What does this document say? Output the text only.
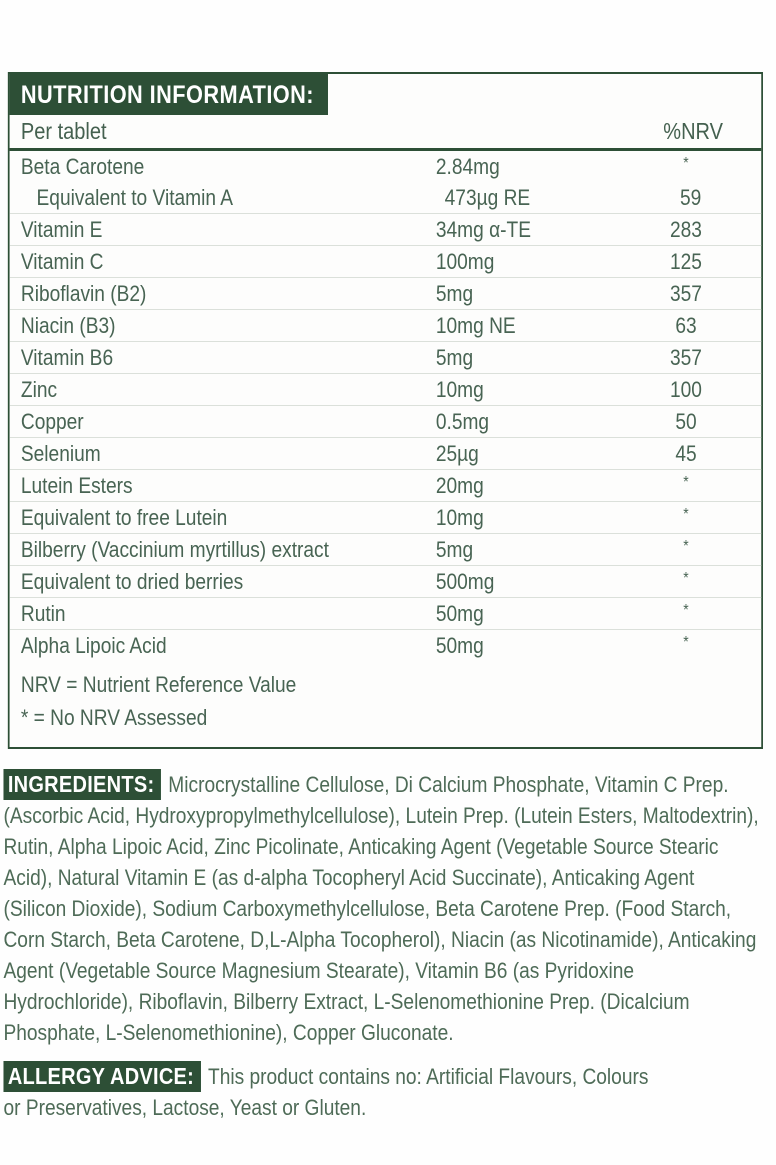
NUTRITION INFORMATION:
Per tablet	%NRV
Beta Carotene	2.84mg	*
Equivalent to Vitamin A	473µg RE	59
Vitamin E	34mg α-TE	283
Vitamin C	100mg	125
Riboflavin (B2)	5mg	357
Niacin (B3)	10mg NE	63
Vitamin B6	5mg	357
Zinc	10mg	100
Copper	0.5mg	50
Selenium	25µg	45
Lutein Esters	20mg	*
Equivalent to free Lutein	10mg	*
Bilberry (Vaccinium myrtillus) extract	5mg	*
Equivalent to dried berries	500mg	*
Rutin	50mg	*
Alpha Lipoic Acid	50mg	*
NRV = Nutrient Reference Value
* = No NRV Assessed

INGREDIENTS: Microcrystalline Cellulose, Di Calcium Phosphate, Vitamin C Prep. (Ascorbic Acid, Hydroxypropylmethylcellulose), Lutein Prep. (Lutein Esters, Maltodextrin), Rutin, Alpha Lipoic Acid, Zinc Picolinate, Anticaking Agent (Vegetable Source Stearic Acid), Natural Vitamin E (as d-alpha Tocopheryl Acid Succinate), Anticaking Agent (Silicon Dioxide), Sodium Carboxymethylcellulose, Beta Carotene Prep. (Food Starch, Corn Starch, Beta Carotene, D,L-Alpha Tocopherol), Niacin (as Nicotinamide), Anticaking Agent (Vegetable Source Magnesium Stearate), Vitamin B6 (as Pyridoxine Hydrochloride), Riboflavin, Bilberry Extract, L-Selenomethionine Prep. (Dicalcium Phosphate, L-Selenomethionine), Copper Gluconate.

ALLERGY ADVICE: This product contains no: Artificial Flavours, Colours or Preservatives, Lactose, Yeast or Gluten.
